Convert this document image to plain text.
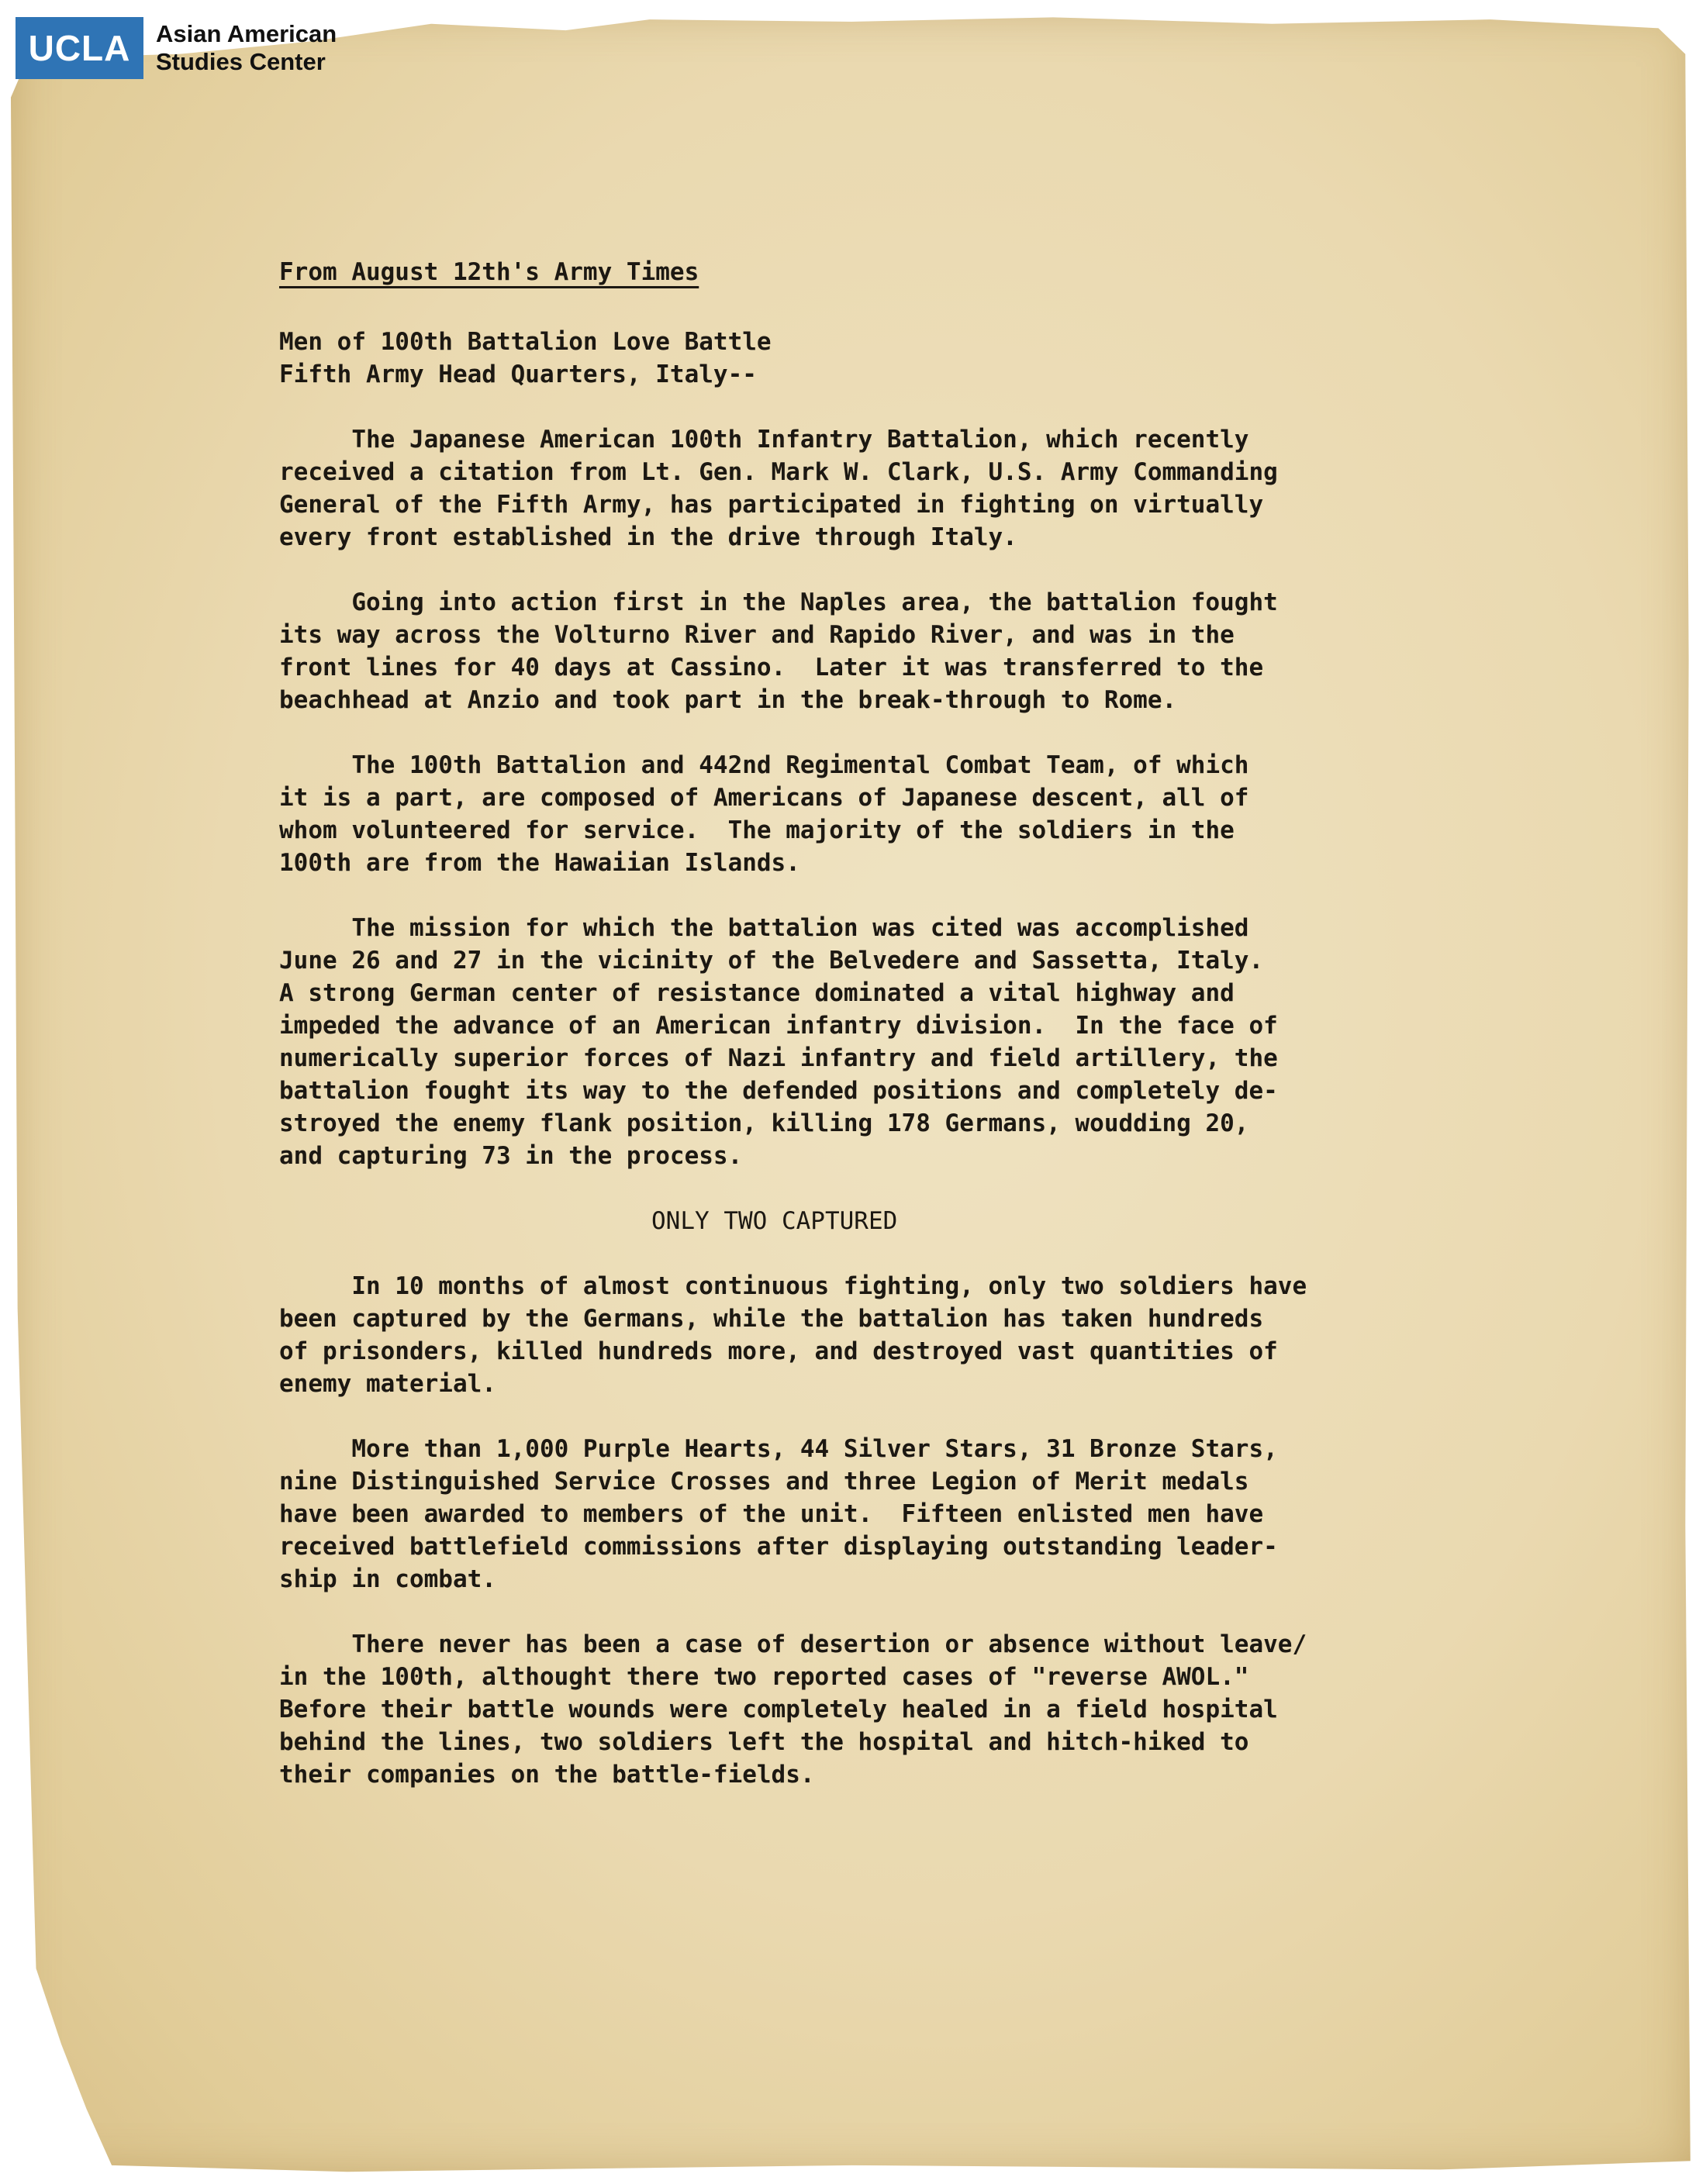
UCLA	Asian American
Studies Center
From August 12th's Army Times
Men of 100th Battalion Love Battle
Fifth Army Head Quarters, Italy--
The Japanese American 100th Infantry Battalion, which recently
received a citation from Lt. Gen. Mark W. Clark, U.S. Army Commanding
General of the Fifth Army, has participated in fighting on virtually
every front established in the drive through Italy.
Going into action first in the Naples area, the battalion fought
its way across the Volturno River and Rapido River, and was in the
front lines for 40 days at Cassino.  Later it was transferred to the
beachhead at Anzio and took part in the break-through to Rome.
The 100th Battalion and 442nd Regimental Combat Team, of which
it is a part, are composed of Americans of Japanese descent, all of
whom volunteered for service.  The majority of the soldiers in the
100th are from the Hawaiian Islands.
The mission for which the battalion was cited was accomplished
June 26 and 27 in the vicinity of the Belvedere and Sassetta, Italy.
A strong German center of resistance dominated a vital highway and
impeded the advance of an American infantry division.  In the face of
numerically superior forces of Nazi infantry and field artillery, the
battalion fought its way to the defended positions and completely de-
stroyed the enemy flank position, killing 178 Germans, woudding 20,
and capturing 73 in the process.
ONLY TWO CAPTURED
In 10 months of almost continuous fighting, only two soldiers have
been captured by the Germans, while the battalion has taken hundreds
of prisonders, killed hundreds more, and destroyed vast quantities of
enemy material.
More than 1,000 Purple Hearts, 44 Silver Stars, 31 Bronze Stars,
nine Distinguished Service Crosses and three Legion of Merit medals
have been awarded to members of the unit.  Fifteen enlisted men have
received battlefield commissions after displaying outstanding leader-
ship in combat.
There never has been a case of desertion or absence without leave/
in the 100th, althought there two reported cases of "reverse AWOL."
Before their battle wounds were completely healed in a field hospital
behind the lines, two soldiers left the hospital and hitch-hiked to
their companies on the battle-fields.
